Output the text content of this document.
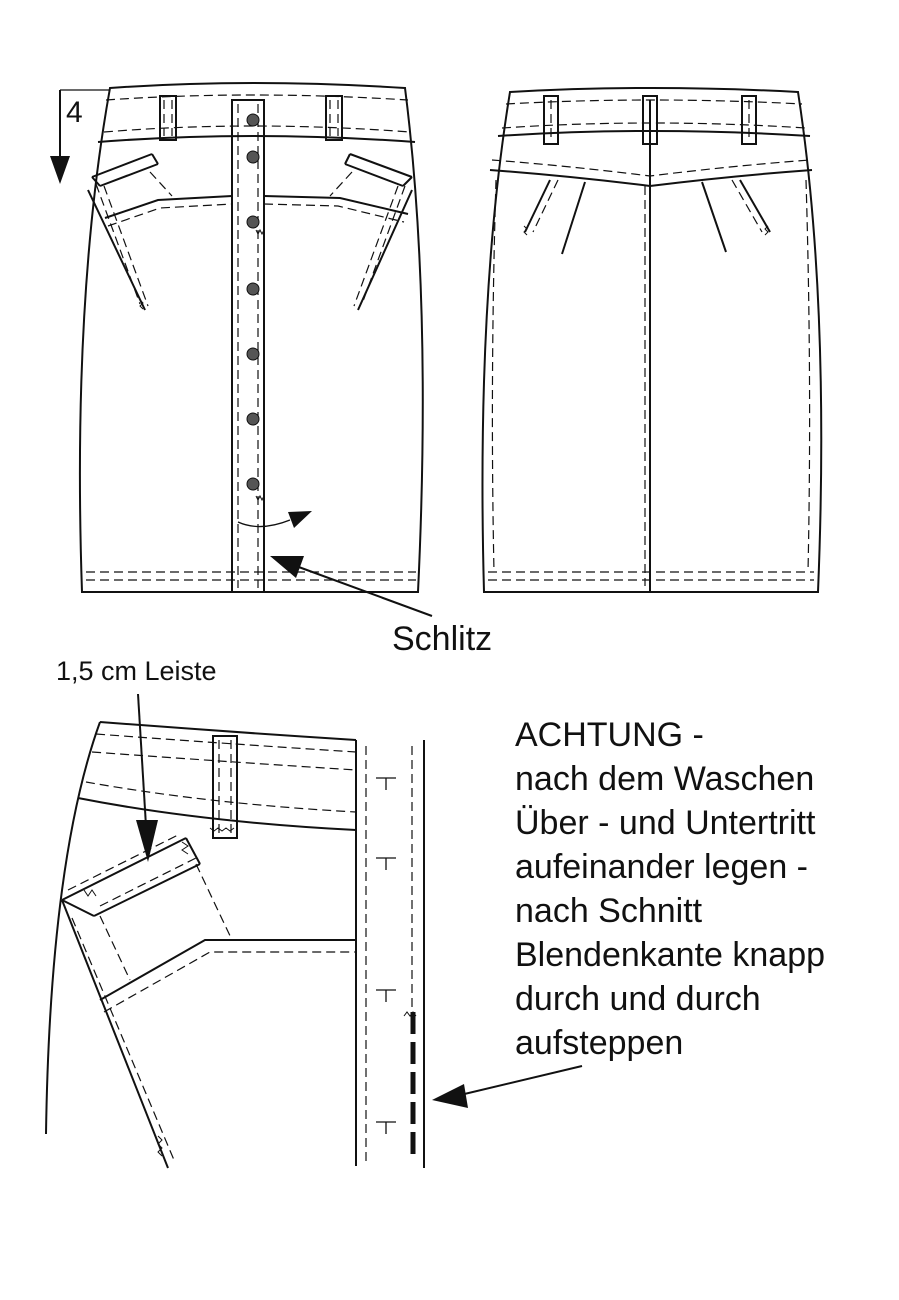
4
Schlitz
1,5 cm Leiste
ACHTUNG -
nach dem Waschen
Über - und Untertritt
aufeinander legen -
nach Schnitt
Blendenkante knapp
durch und durch
aufsteppen
